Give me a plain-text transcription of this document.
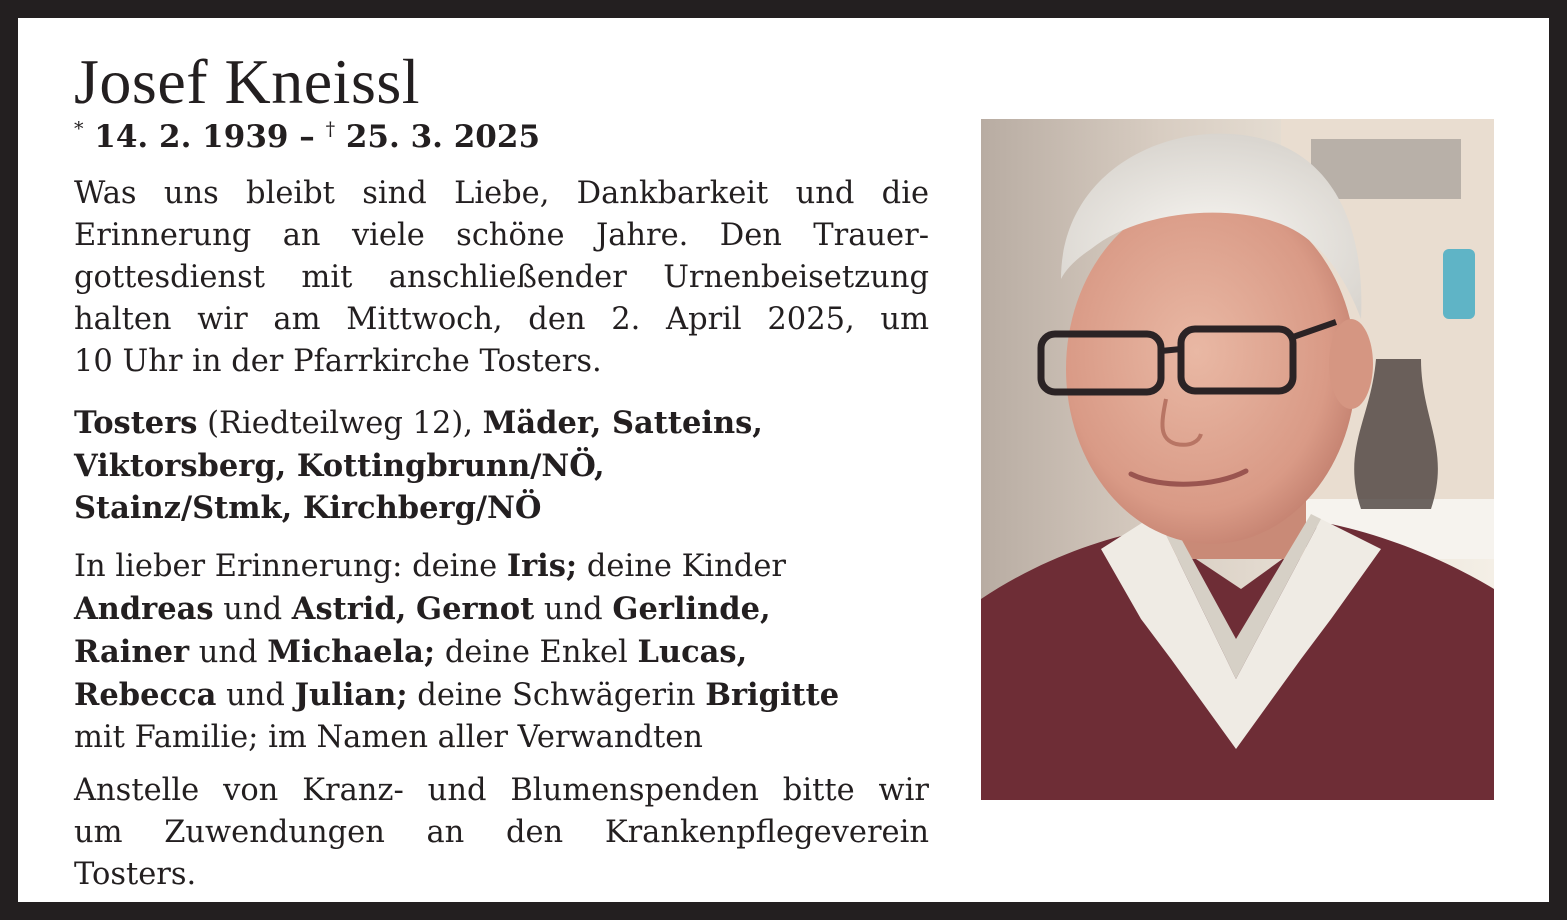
Josef Kneissl

* 14. 2. 1939 – † 25. 3. 2025

Was uns bleibt sind Liebe, Dankbarkeit und die
Erinnerung an viele schöne Jahre. Den Trauer-
gottesdienst mit anschließender Urnenbeisetzung
halten wir am Mittwoch, den 2. April 2025, um
10 Uhr in der Pfarrkirche Tosters.
Tosters (Riedteilweg 12), Mäder, Satteins,
Viktorsberg, Kottingbrunn/NÖ,
Stainz/Stmk, Kirchberg/NÖ
In lieber Erinnerung: deine Iris; deine Kinder
Andreas und Astrid, Gernot und Gerlinde,
Rainer und Michaela; deine Enkel Lucas,
Rebecca und Julian; deine Schwägerin Brigitte
mit Familie; im Namen aller Verwandten
Anstelle von Kranz- und Blumenspenden bitte wir
um Zuwendungen an den Krankenpflegeverein
Tosters.
